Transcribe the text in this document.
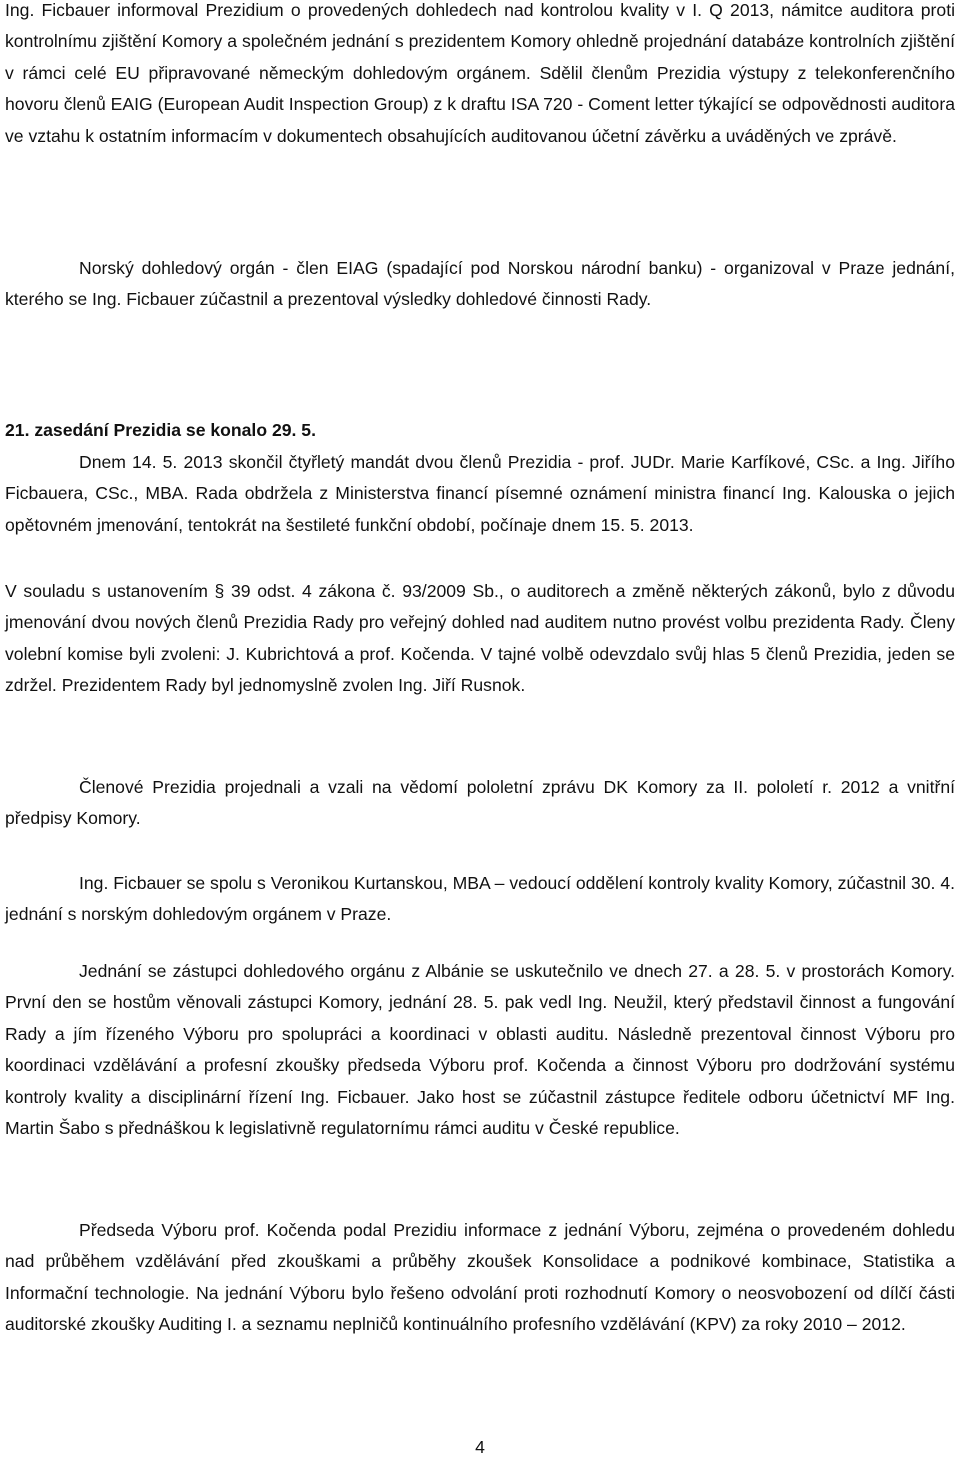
Ing. Ficbauer informoval Prezidium o provedených dohledech nad kontrolou kvality v I. Q 2013, námitce auditora proti kontrolnímu zjištění Komory a společném jednání s prezidentem Komory ohledně projednání databáze kontrolních zjištění v rámci celé EU připravované německým dohledovým orgánem. Sdělil členům Prezidia výstupy z telekonferenčního hovoru členů EAIG (European Audit Inspection Group) z k draftu ISA 720 - Coment letter týkající se odpovědnosti auditora ve vztahu k ostatním informacím v dokumentech obsahujících auditovanou účetní závěrku a uváděných ve zprávě.

Norský dohledový orgán - člen EIAG (spadající pod Norskou národní banku) - organizoval v Praze jednání, kterého se Ing. Ficbauer zúčastnil a prezentoval výsledky dohledové činnosti Rady.

21. zasedání Prezidia se konalo 29. 5.

Dnem 14. 5. 2013 skončil čtyřletý mandát dvou členů Prezidia - prof. JUDr. Marie Karfíkové, CSc. a Ing. Jiřího Ficbauera, CSc., MBA. Rada obdržela z Ministerstva financí písemné oznámení ministra financí Ing. Kalouska o jejich opětovném jmenování, tentokrát na šestileté funkční období, počínaje dnem 15. 5. 2013.

V souladu s ustanovením § 39 odst. 4 zákona č. 93/2009 Sb., o auditorech a změně některých zákonů, bylo z důvodu jmenování dvou nových členů Prezidia Rady pro veřejný dohled nad auditem nutno provést volbu prezidenta Rady. Členy volební komise byli zvoleni: J. Kubrichtová a prof. Kočenda. V tajné volbě odevzdalo svůj hlas 5 členů Prezidia, jeden se zdržel. Prezidentem Rady byl jednomyslně zvolen Ing. Jiří Rusnok.

Členové Prezidia projednali a vzali na vědomí pololetní zprávu DK Komory za II. pololetí r. 2012 a vnitřní předpisy Komory.

Ing. Ficbauer se spolu s Veronikou Kurtanskou, MBA – vedoucí oddělení kontroly kvality Komory, zúčastnil 30. 4. jednání s norským dohledovým orgánem v Praze.

Jednání se zástupci dohledového orgánu z Albánie se uskutečnilo ve dnech 27. a 28. 5. v prostorách Komory. První den se hostům věnovali zástupci Komory, jednání 28. 5. pak vedl Ing. Neužil, který představil činnost a fungování Rady a jím řízeného Výboru pro spolupráci a koordinaci v oblasti auditu. Následně prezentoval činnost Výboru pro koordinaci vzdělávání a profesní zkoušky předseda Výboru prof. Kočenda a činnost Výboru pro dodržování systému kontroly kvality a disciplinární řízení Ing. Ficbauer. Jako host se zúčastnil zástupce ředitele odboru účetnictví MF Ing. Martin Šabo s přednáškou k legislativně regulatornímu rámci auditu v České republice.

Předseda Výboru prof. Kočenda podal Prezidiu informace z jednání Výboru, zejména o provedeném dohledu nad průběhem vzdělávání před zkouškami a průběhy zkoušek Konsolidace a podnikové kombinace, Statistika a Informační technologie. Na jednání Výboru bylo řešeno odvolání proti rozhodnutí Komory o neosvobození od dílčí části auditorské zkoušky Auditing I. a seznamu neplničů kontinuálního profesního vzdělávání (KPV) za roky 2010 – 2012.

4
